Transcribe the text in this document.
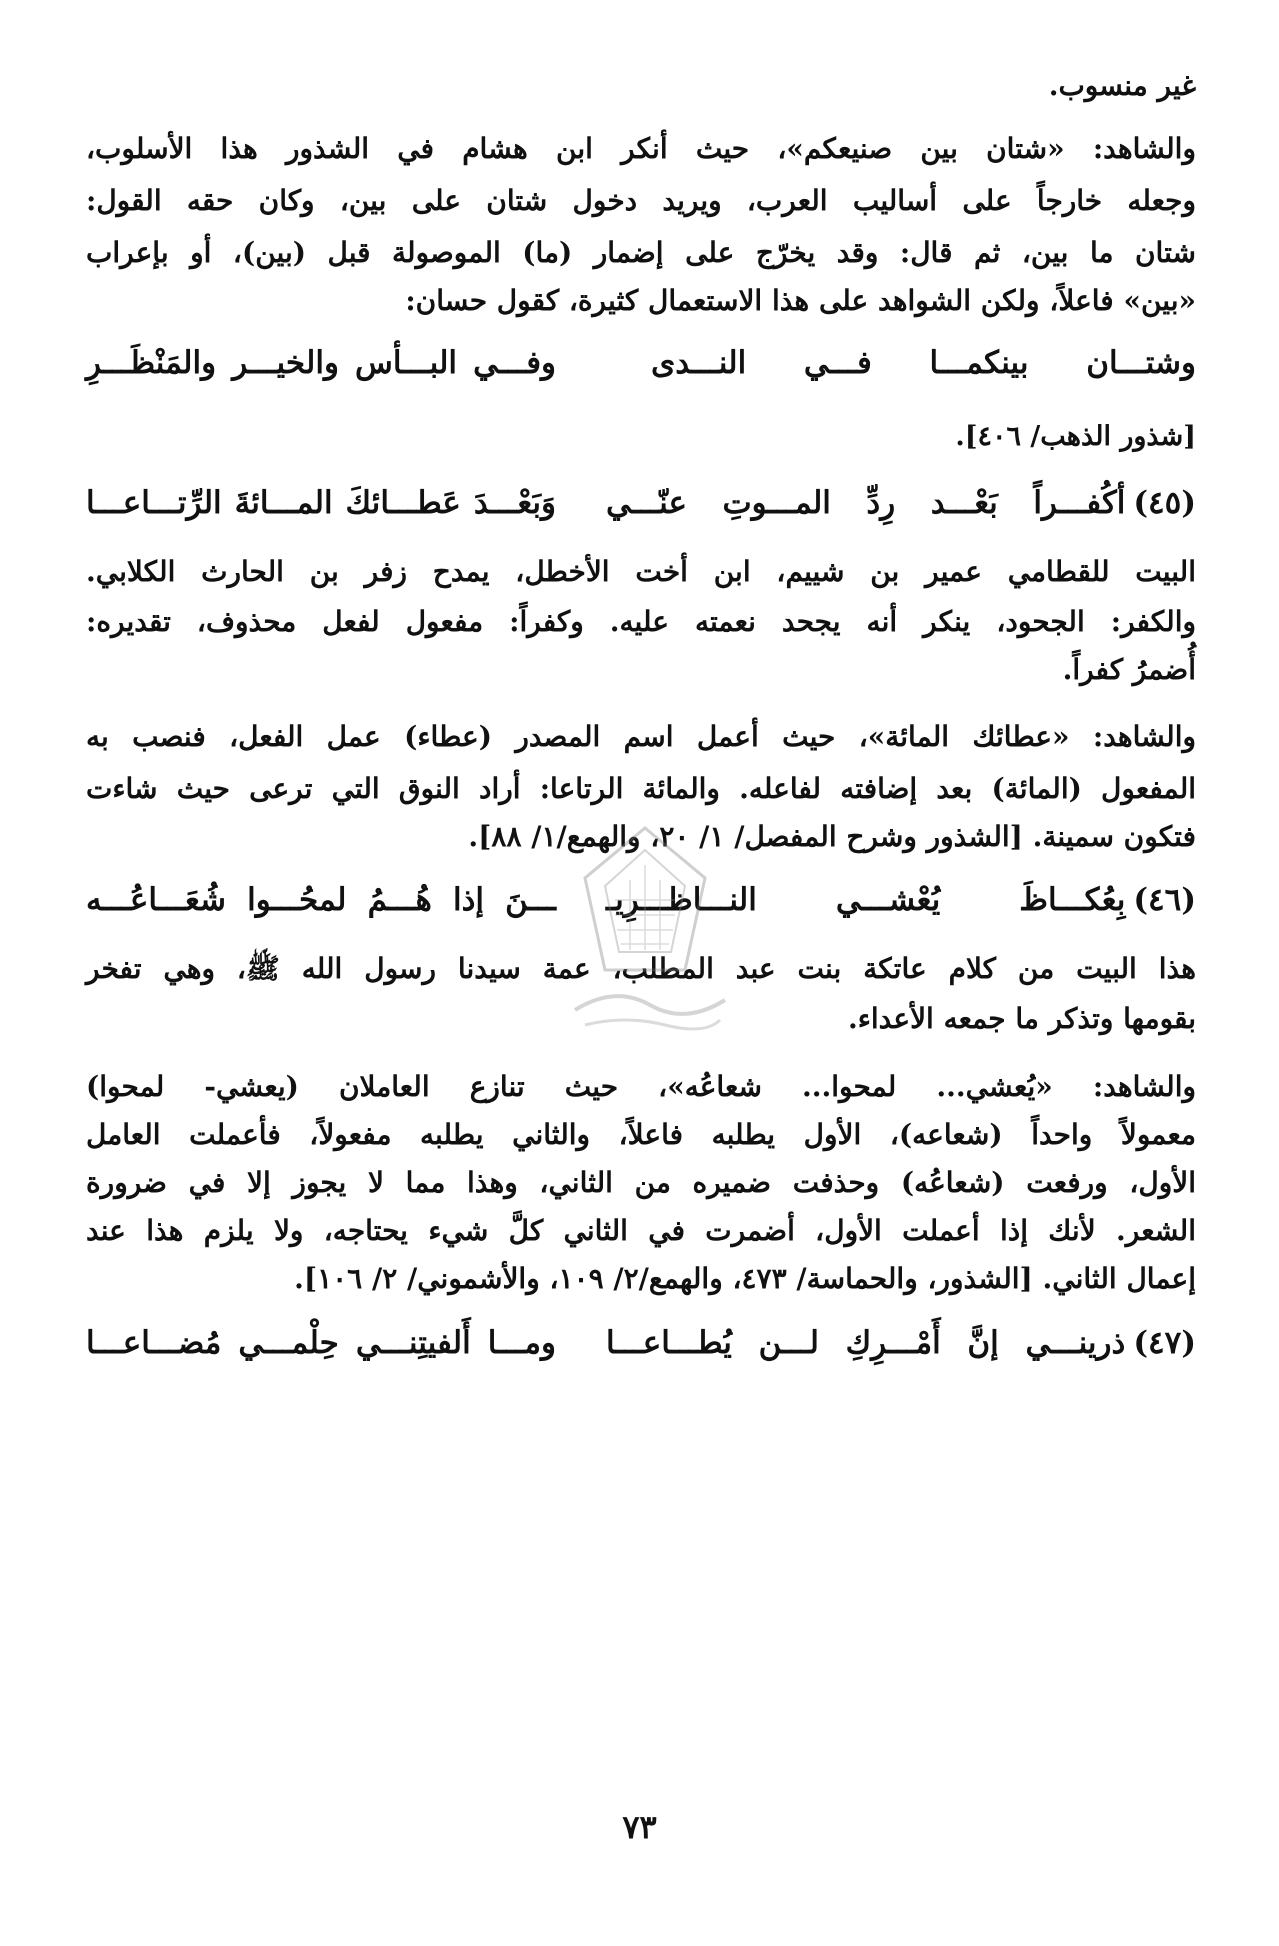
غير منسوب.
والشاهد: «شتان بين صنيعكم»، حيث أنكر ابن هشام في الشذور هذا الأسلوب،
وجعله خارجاً على أساليب العرب، ويريد دخول شتان على بين، وكان حقه القول:
شتان ما بين، ثم قال: وقد يخرّج على إضمار (ما) الموصولة قبل (بين)، أو بإعراب
«بين» فاعلاً، ولكن الشواهد على هذا الاستعمال كثيرة، كقول حسان:
وشتـــان بينكمـــا فـــي النـــدى
وفـــي البـــأس والخيـــر والمَنْظَـــرِ
[شذور الذهب/ ٤٠٦].
(٤٥)أكُفـــراً بَعْـــد رِدِّ المـــوتِ عنّـــي
وَبَعْـــدَ عَطـــائكَ المـــائةَ الرِّتـــاعـــا
البيت للقطامي عمير بن شييم، ابن أخت الأخطل، يمدح زفر بن الحارث الكلابي.
والكفر: الجحود، ينكر أنه يجحد نعمته عليه. وكفراً: مفعول لفعل محذوف، تقديره:
أُضمرُ كفراً.
والشاهد: «عطائك المائة»، حيث أعمل اسم المصدر (عطاء) عمل الفعل، فنصب به
المفعول (المائة) بعد إضافته لفاعله. والمائة الرتاعا: أراد النوق التي ترعى حيث شاءت
فتكون سمينة. [الشذور وشرح المفصل/ ١/ ٢٠، والهمع/١/ ٨٨].
(٤٦)بِعُكـــاظَ يُعْشـــي النـــاظـــرِيـ
ـــنَ إذا هُـــمُ لمحُـــوا شُعَـــاعُـــه
هذا البيت من كلام عاتكة بنت عبد المطلب، عمة سيدنا رسول الله ﷺ، وهي تفخر
بقومها وتذكر ما جمعه الأعداء.
والشاهد: «يُعشي... لمحوا... شعاعُه»، حيث تنازع العاملان (يعشي- لمحوا)
معمولاً واحداً (شعاعه)، الأول يطلبه فاعلاً، والثاني يطلبه مفعولاً، فأعملت العامل
الأول، ورفعت (شعاعُه) وحذفت ضميره من الثاني، وهذا مما لا يجوز إلا في ضرورة
الشعر. لأنك إذا أعملت الأول، أضمرت في الثاني كلَّ شيء يحتاجه، ولا يلزم هذا عند
إعمال الثاني. [الشذور، والحماسة/ ٤٧٣، والهمع/٢/ ١٠٩، والأشموني/ ٢/ ١٠٦].
(٤٧)ذرينـــي إنَّ أَمْـــرِكِ لـــن يُطـــاعـــا
ومـــا أَلفيتِنـــي حِلْمـــي مُضـــاعـــا
٧٣
